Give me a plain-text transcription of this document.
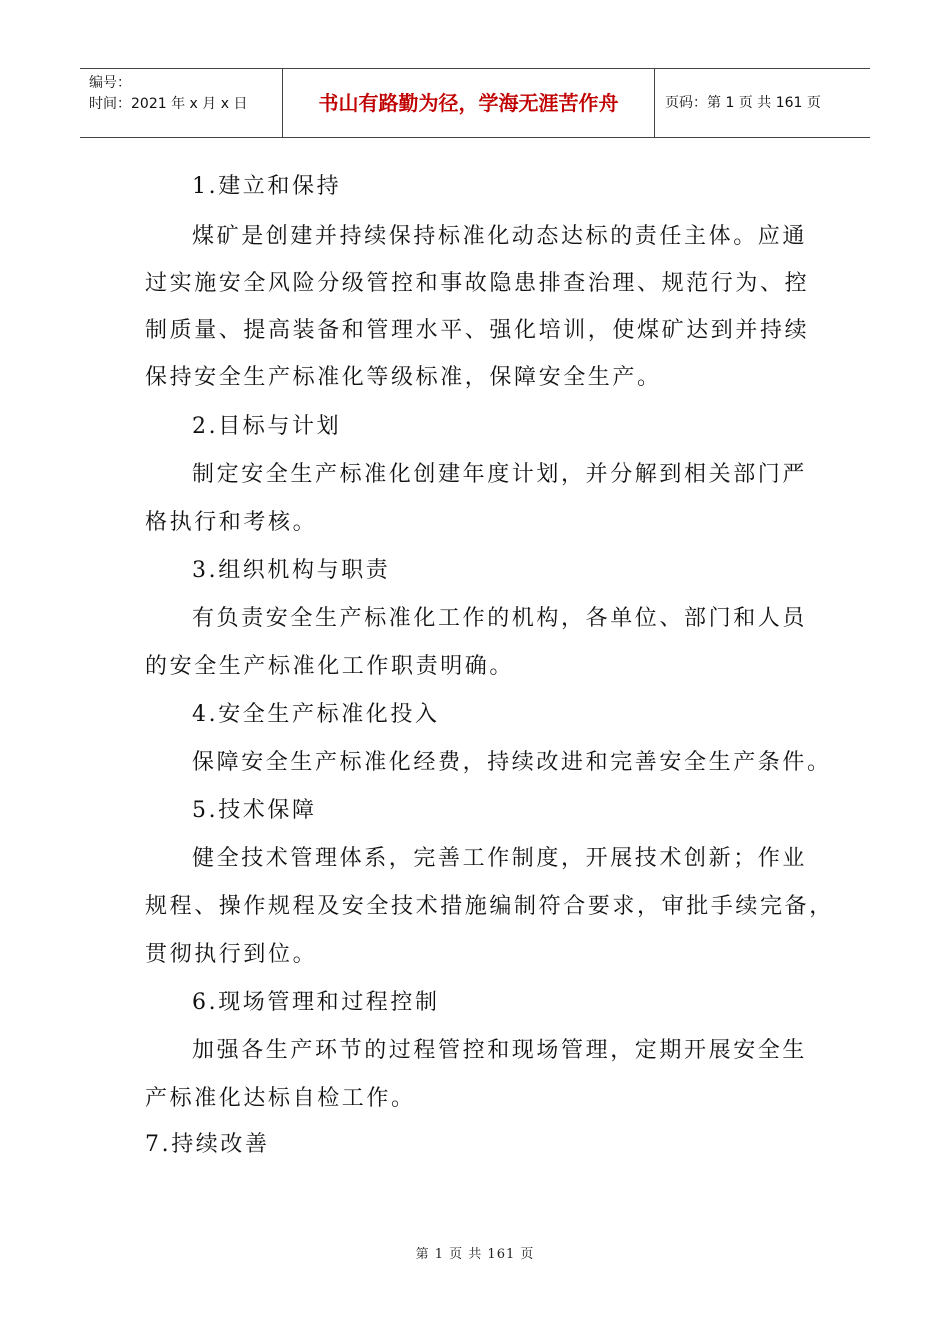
编号：
时间：2021 年 x 月 x 日	书山有路勤为径，学海无涯苦作舟	页码：第 1 页 共 161 页
1.建立和保持
煤矿是创建并持续保持标准化动态达标的责任主体。应通
过实施安全风险分级管控和事故隐患排查治理、规范行为、控
制质量、提高装备和管理水平、强化培训，使煤矿达到并持续
保持安全生产标准化等级标准，保障安全生产。
2.目标与计划
制定安全生产标准化创建年度计划，并分解到相关部门严
格执行和考核。
3.组织机构与职责
有负责安全生产标准化工作的机构，各单位、部门和人员
的安全生产标准化工作职责明确。
4.安全生产标准化投入
保障安全生产标准化经费，持续改进和完善安全生产条件。
5.技术保障
健全技术管理体系，完善工作制度，开展技术创新；作业
规程、操作规程及安全技术措施编制符合要求，审批手续完备，
贯彻执行到位。
6.现场管理和过程控制
加强各生产环节的过程管控和现场管理，定期开展安全生
产标准化达标自检工作。
7.持续改善
第 1 页 共 161 页
